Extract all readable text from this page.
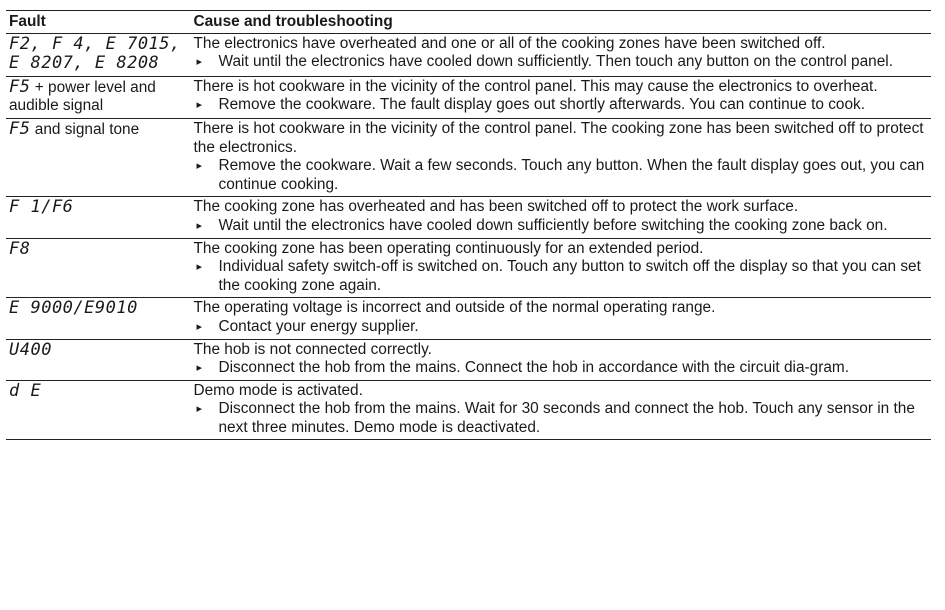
Fault	Cause and troubleshooting
F2, F 4, E 7015, E 8207, E 8208	The electronics have overheated and one or all of the cooking zones have been switched off.

▸ Wait until the electronics have cooled down sufficiently. Then touch any button on the control panel.

F5 + power level and audible signal	There is hot cookware in the vicinity of the control panel. This may cause the electronics to overheat.

▸ Remove the cookware. The fault display goes out shortly afterwards. You can continue to cook.

F5 and signal tone	There is hot cookware in the vicinity of the control panel. The cooking zone has been switched off to protect the electronics.

▸ Remove the cookware. Wait a few seconds. Touch any button. When the fault display goes out, you can continue cooking.

F 1/F6	The cooking zone has overheated and has been switched off to protect the work surface.

▸ Wait until the electronics have cooled down sufficiently before switching the cooking zone back on.

F8	The cooking zone has been operating continuously for an extended period.

▸ Individual safety switch-off is switched on. Touch any button to switch off the display so that you can set the cooking zone again.

E 9000/E9010	The operating voltage is incorrect and outside of the normal operating range.

▸ Contact your energy supplier.

U400	The hob is not connected correctly.

▸ Disconnect the hob from the mains. Connect the hob in accordance with the circuit dia-gram.

d E	Demo mode is activated.

▸ Disconnect the hob from the mains. Wait for 30 seconds and connect the hob. Touch any sensor in the next three minutes. Demo mode is deactivated.
